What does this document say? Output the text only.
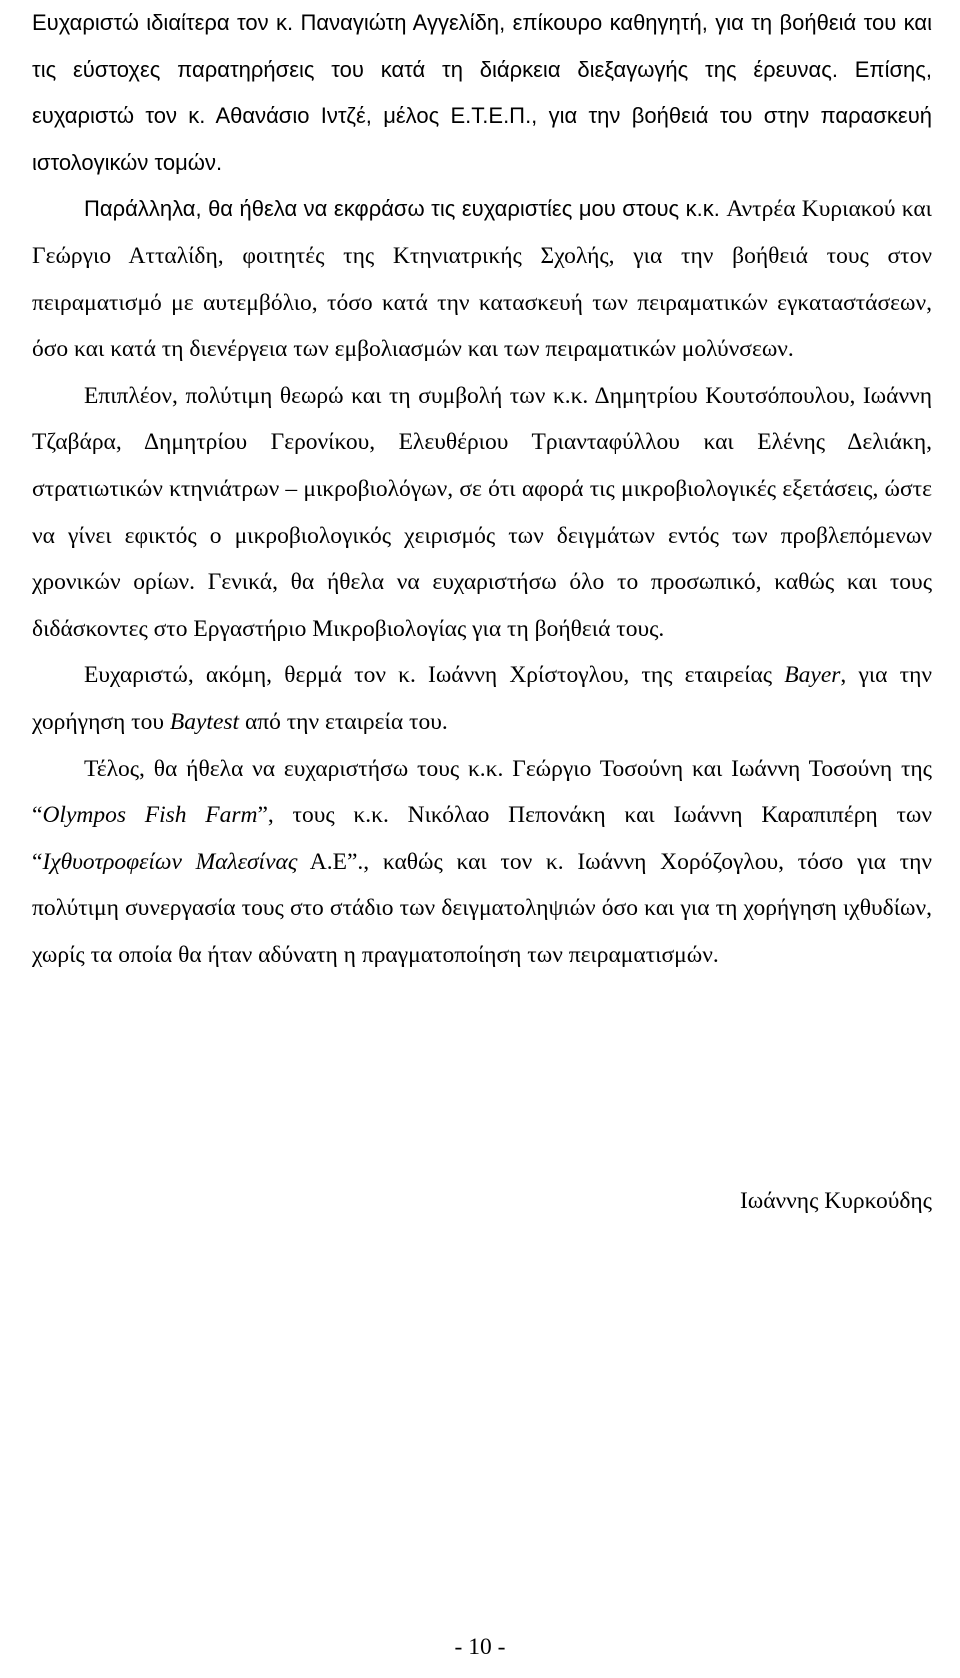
Ευχαριστώ ιδιαίτερα τον κ. Παναγιώτη Αγγελίδη, επίκουρο καθηγητή, για τη βοήθειά του και τις εύστοχες παρατηρήσεις του κατά τη διάρκεια διεξαγωγής της έρευνας. Επίσης, ευχαριστώ τον κ. Αθανάσιο Ιντζέ, μέλος Ε.Τ.Ε.Π., για την βοήθειά του στην παρασκευή ιστολογικών τομών.

Παράλληλα, θα ήθελα να εκφράσω τις ευχαριστίες μου στους κ.κ. Αντρέα Κυριακού και Γεώργιο Ατταλίδη, φοιτητές της Κτηνιατρικής Σχολής, για την βοήθειά τους στον πειραματισμό με αυτεμβόλιο, τόσο κατά την κατασκευή των πειραματικών εγκαταστάσεων, όσο και κατά τη διενέργεια των εμβολιασμών και των πειραματικών μολύνσεων.

Επιπλέον, πολύτιμη θεωρώ και τη συμβολή των κ.κ. Δημητρίου Κουτσόπουλου, Ιωάννη Τζαβάρα, Δημητρίου Γερονίκου, Ελευθέριου Τριανταφύλλου και Ελένης Δελιάκη, στρατιωτικών κτηνιάτρων – μικροβιολόγων, σε ότι αφορά τις μικροβιολογικές εξετάσεις, ώστε να γίνει εφικτός ο μικροβιολογικός χειρισμός των δειγμάτων εντός των προβλεπόμενων χρονικών ορίων. Γενικά, θα ήθελα να ευχαριστήσω όλο το προσωπικό, καθώς και τους διδάσκοντες στο Εργαστήριο Μικροβιολογίας για τη βοήθειά τους.

Ευχαριστώ, ακόμη, θερμά τον κ. Ιωάννη Χρίστογλου, της εταιρείας Bayer, για την χορήγηση του Baytest από την εταιρεία του.

Τέλος, θα ήθελα να ευχαριστήσω τους κ.κ. Γεώργιο Τοσούνη και Ιωάννη Τοσούνη της “Olympos Fish Farm”, τους κ.κ. Νικόλαο Πεπονάκη και Ιωάννη Καραπιπέρη των “Ιχθυοτροφείων Μαλεσίνας Α.Ε”., καθώς και τον κ. Ιωάννη Χορόζογλου, τόσο για την πολύτιμη συνεργασία τους στο στάδιο των δειγματοληψιών όσο και για τη χορήγηση ιχθυδίων, χωρίς τα οποία θα ήταν αδύνατη η πραγματοποίηση των πειραματισμών.

Ιωάννης Κυρκούδης

- 10 -
